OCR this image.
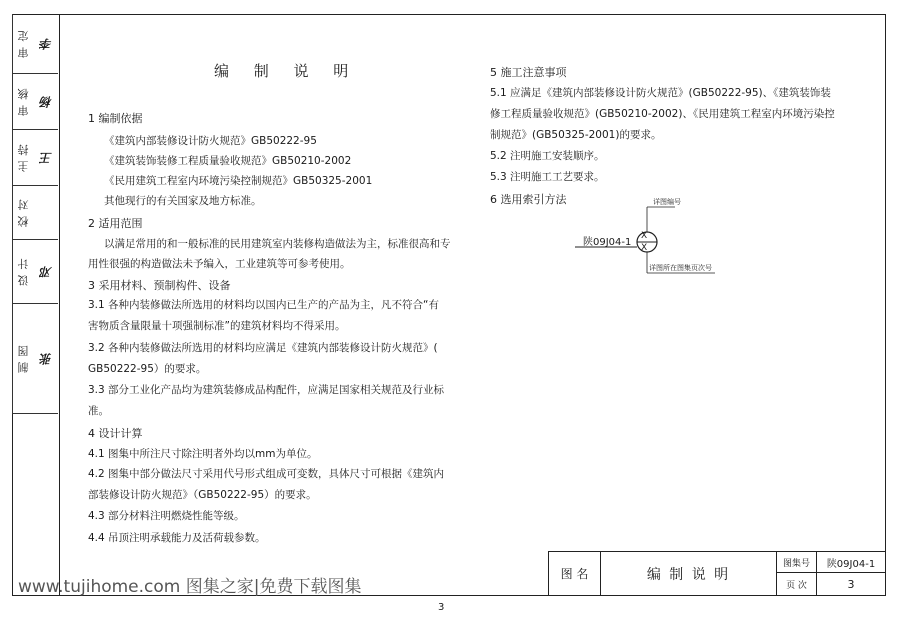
审 定 李
审 核 杨
主 持 王
校 对
设 计 邓
制 图 张
编 制 说 明
1 编制依据
《建筑内部装修设计防火规范》GB50222-95
《建筑装饰装修工程质量验收规范》GB50210-2002
《民用建筑工程室内环境污染控制规范》GB50325-2001
其他现行的有关国家及地方标准。
2 适用范围
以满足常用的和一般标准的民用建筑室内装修构造做法为主，标准很高和专
用性很强的构造做法未予编入，工业建筑等可参考使用。
3 采用材料、预制构件、设备
3.1 各种内装修做法所选用的材料均以国内已生产的产品为主，凡不符合“有
害物质含量限量十项强制标准”的建筑材料均不得采用。
3.2 各种内装修做法所选用的材料均应满足《建筑内部装修设计防火规范》(
GB50222-95）的要求。
3.3 部分工业化产品均为建筑装修成品构配件，应满足国家相关规范及行业标
准。
4 设计计算
4.1 图集中所注尺寸除注明者外均以mm为单位。
4.2 图集中部分做法尺寸采用代号形式组成可变数，具体尺寸可根据《建筑内
部装修设计防火规范》（GB50222-95）的要求。
4.3 部分材料注明燃烧性能等级。
4.4 吊顶注明承载能力及活荷载参数。
5 施工注意事项
5.1 应满足《建筑内部装修设计防火规范》(GB50222-95)、《建筑装饰装
修工程质量验收规范》(GB50210-2002)、《民用建筑工程室内环境污染控
制规范》(GB50325-2001)的要求。
5.2 注明施工安装顺序。
5.3 注明施工工艺要求。
6 选用索引方法
陕09J04-1
X
X
详图编号
详图所在图集页次号
图 名	编 制 说 明
图集号	陕09J04-1
页 次	3
www.tujihome.com 图集之家|免费下载图集
3
